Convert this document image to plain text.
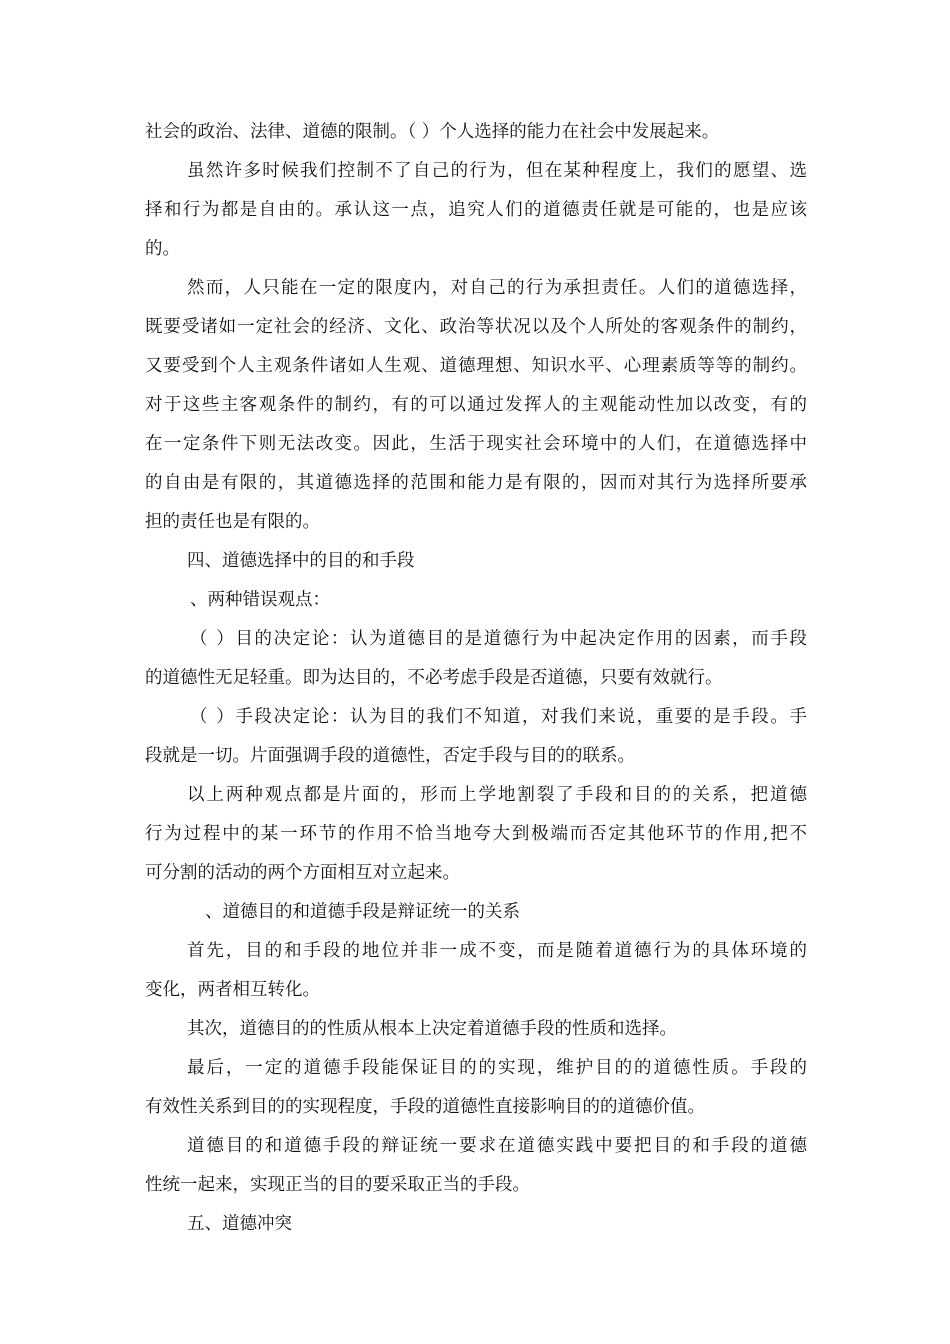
社会的政治、法律、道德的限制。（ ）个人选择的能力在社会中发展起来。
虽然许多时候我们控制不了自己的行为，但在某种程度上，我们的愿望、选
择和行为都是自由的。承认这一点，追究人们的道德责任就是可能的，也是应该
的。
然而，人只能在一定的限度内，对自己的行为承担责任。人们的道德选择，
既要受诸如一定社会的经济、文化、政治等状况以及个人所处的客观条件的制约，
又要受到个人主观条件诸如人生观、道德理想、知识水平、心理素质等等的制约。
对于这些主客观条件的制约，有的可以通过发挥人的主观能动性加以改变，有的
在一定条件下则无法改变。因此，生活于现实社会环境中的人们，在道德选择中
的自由是有限的，其道德选择的范围和能力是有限的，因而对其行为选择所要承
担的责任也是有限的。
四、道德选择中的目的和手段
、两种错误观点：
（ ）目的决定论：认为道德目的是道德行为中起决定作用的因素，而手段
的道德性无足轻重。即为达目的，不必考虑手段是否道德，只要有效就行。
（ ）手段决定论：认为目的我们不知道，对我们来说，重要的是手段。手
段就是一切。片面强调手段的道德性，否定手段与目的的联系。
以上两种观点都是片面的，形而上学地割裂了手段和目的的关系，把道德
行为过程中的某一环节的作用不恰当地夸大到极端而否定其他环节的作用,把不
可分割的活动的两个方面相互对立起来。
、道德目的和道德手段是辩证统一的关系
首先，目的和手段的地位并非一成不变，而是随着道德行为的具体环境的
变化，两者相互转化。
其次，道德目的的性质从根本上决定着道德手段的性质和选择。
最后，一定的道德手段能保证目的的实现，维护目的的道德性质。手段的
有效性关系到目的的实现程度，手段的道德性直接影响目的的道德价值。
道德目的和道德手段的辩证统一要求在道德实践中要把目的和手段的道德
性统一起来，实现正当的目的要采取正当的手段。
五、道德冲突
